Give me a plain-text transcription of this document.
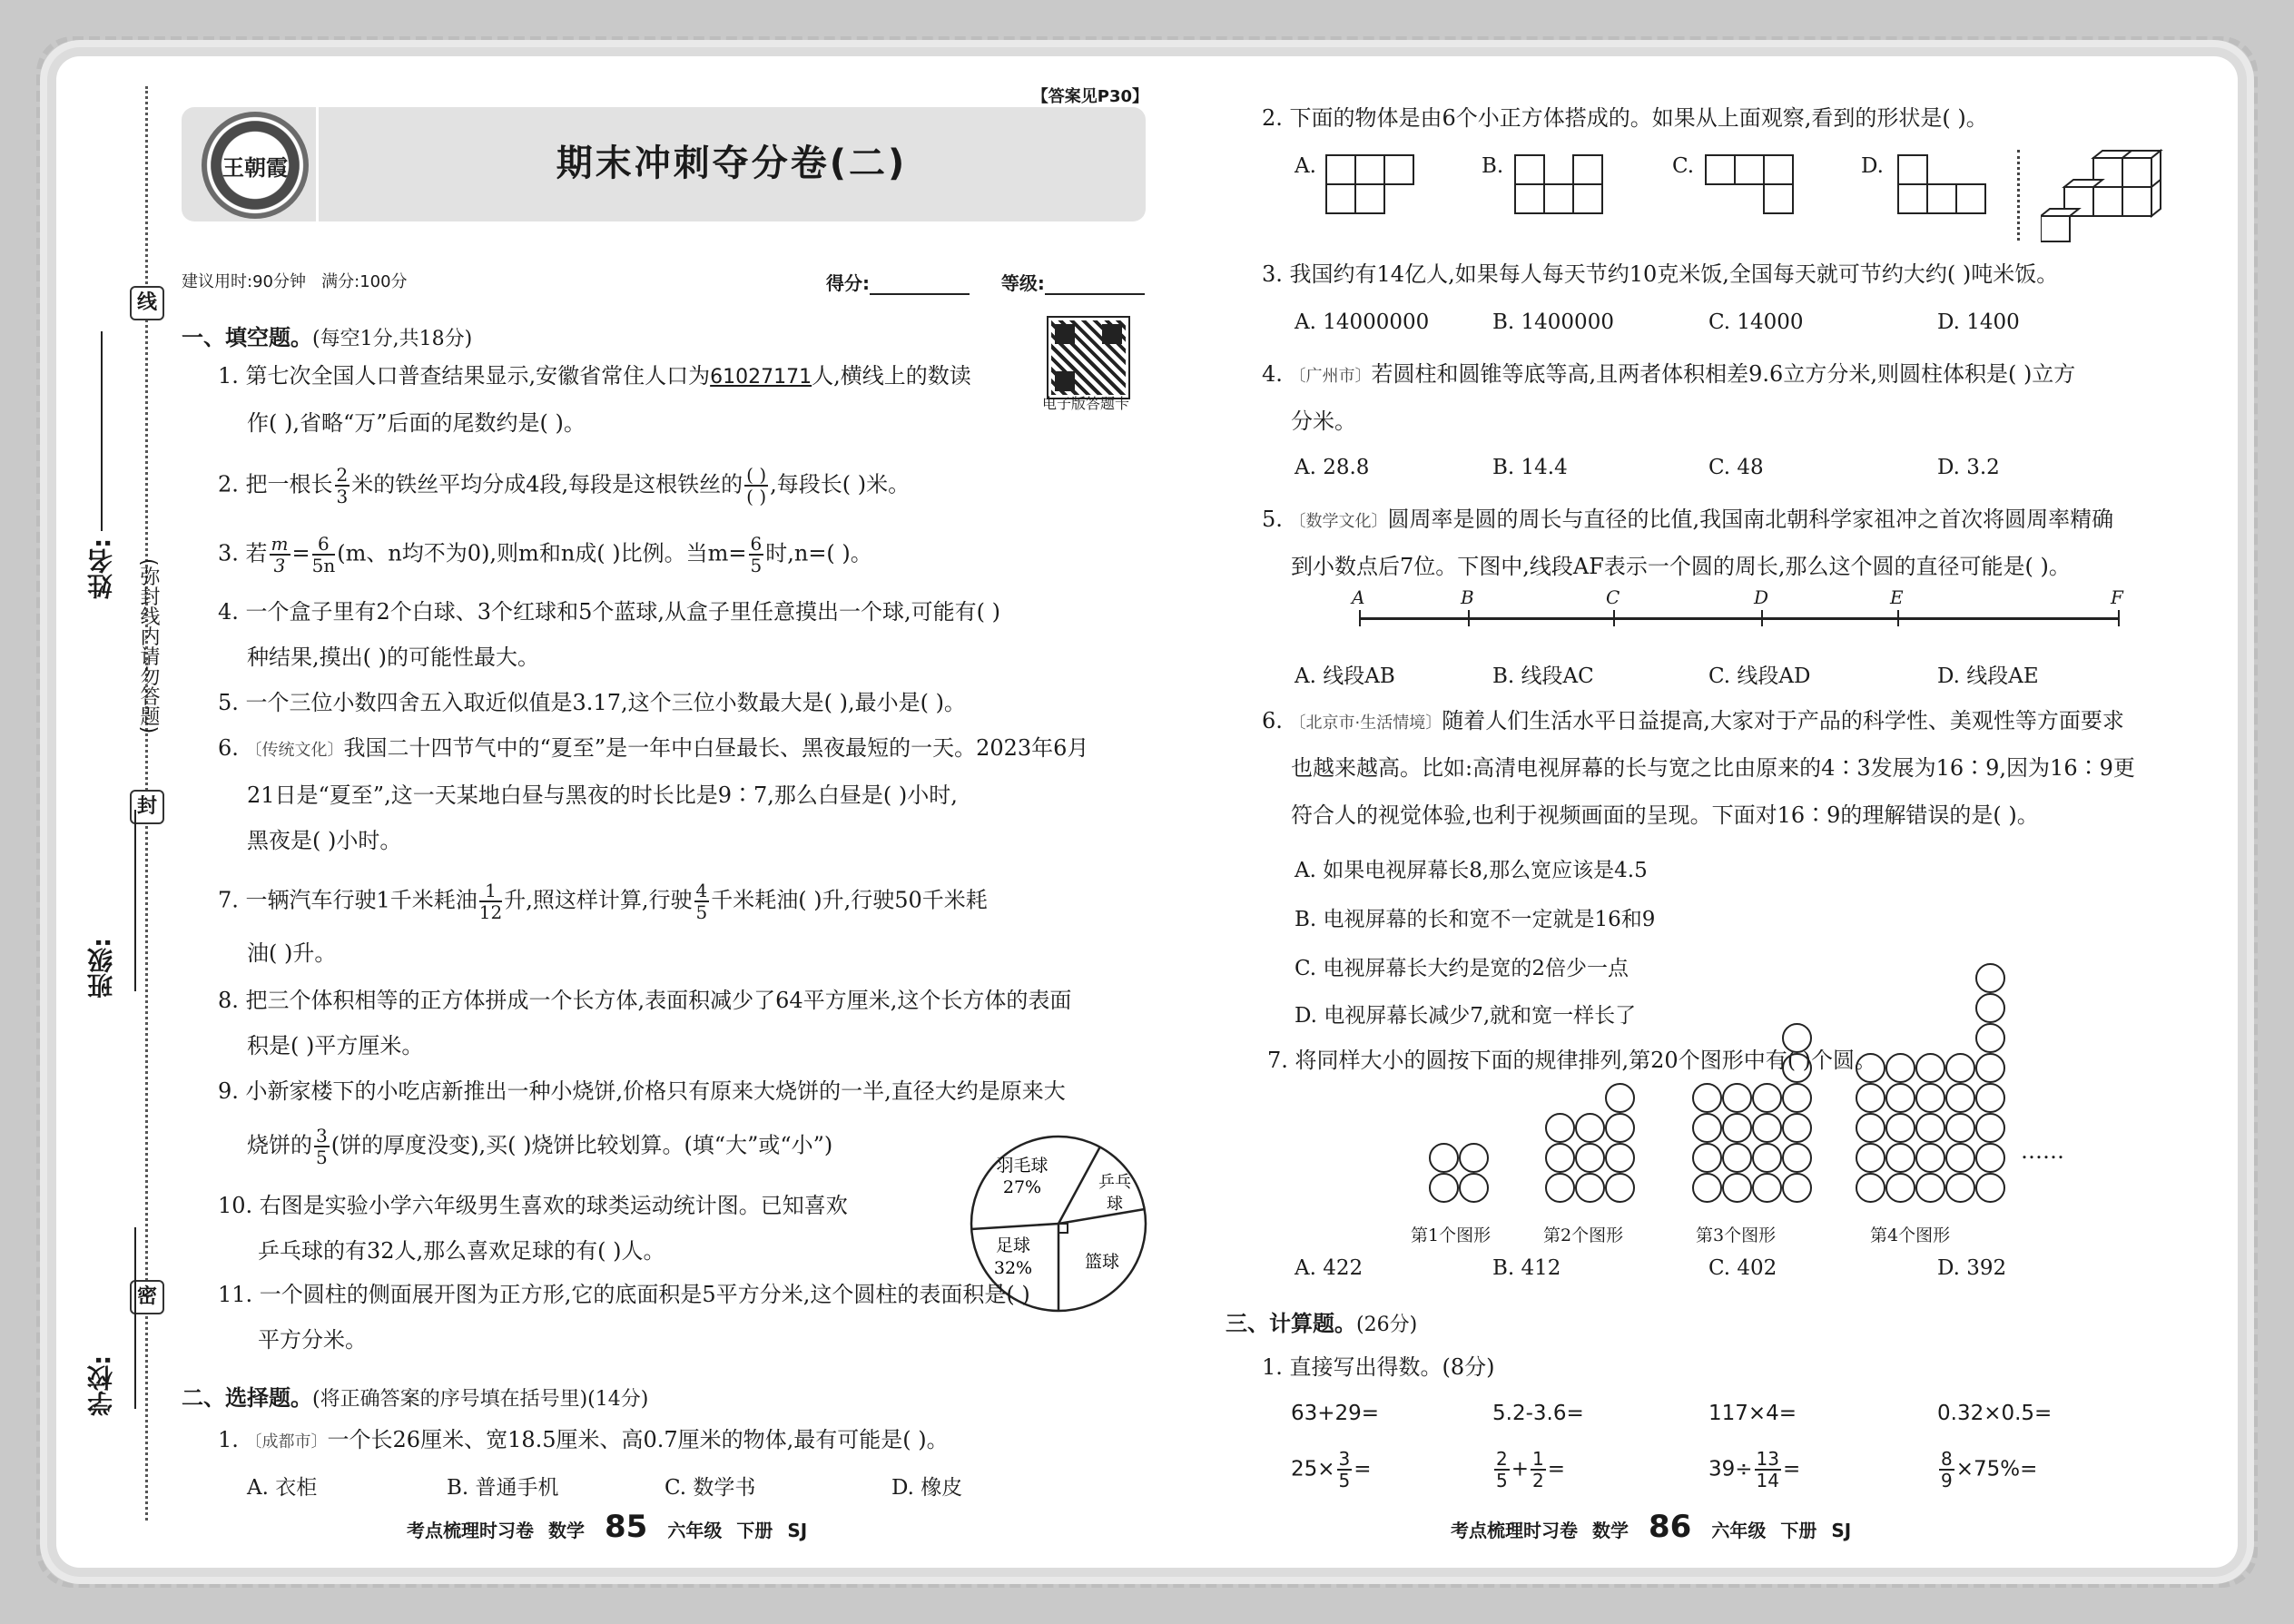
线
封
密
(弥封线内请勿答题)
姓名:
班级:
学校:
【答案见P30】
王朝霞	期末冲刺夺分卷(二)
建议用时:90分钟 满分:100分	得分:	等级:
电子版答题卡
一、填空题。(每空1分,共18分)
1. 第七次全国人口普查结果显示,安徽省常住人口为61027171人,横线上的数读
作( ),省略“万”后面的尾数约是( )。
2. 把一根长 $\frac{2}{3}$ 米的铁丝平均分成4段,每段是这根铁丝的 $\frac{( )}{( )}$ ,每段长( )米。
3. 若 $\frac{m}{3} = \frac{6}{5n} (m$、n均不为0),则m和n成( )比例。当$m= \frac{6}{5}$ 时,n=( )。
4. 一个盒子里有2个白球、3个红球和5个蓝球,从盒子里任意摸出一个球,可能有( )
种结果,摸出( )的可能性最大。
5. 一个三位小数四舍五入取近似值是3.17,这个三位小数最大是( ),最小是( )。
6. 〔传统文化〕我国二十四节气中的“夏至”是一年中白昼最长、黑夜最短的一天。2023年6月
21日是“夏至”,这一天某地白昼与黑夜的时长比是9∶7,那么白昼是( )小时,
黑夜是( )小时。
7. 一辆汽车行驶1千米耗油 $\frac{1}{12}$ 升,照这样计算,行驶 $\frac{4}{5}$ 千米耗油( )升,行驶50千米耗
油( )升。
8. 把三个体积相等的正方体拼成一个长方体,表面积减少了64平方厘米,这个长方体的表面
积是( )平方厘米。
9. 小新家楼下的小吃店新推出一种小烧饼,价格只有原来大烧饼的一半,直径大约是原来大
烧饼的 $\frac{3}{5}$ (饼的厚度没变),买( )烧饼比较划算。(填“大”或“小”)
10. 右图是实验小学六年级男生喜欢的球类运动统计图。已知喜欢
乒乓球的有32人,那么喜欢足球的有( )人。
羽毛球
27%	乒乓
球
足球
32%	篮球
11. 一个圆柱的侧面展开图为正方形,它的底面积是5平方分米,这个圆柱的表面积是( )
平方分米。
二、选择题。(将正确答案的序号填在括号里)(14分)
1. 〔成都市〕一个长26厘米、宽18.5厘米、高0.7厘米的物体,最有可能是( )。
A. 衣柜	B. 普通手机	C. 数学书	D. 橡皮
考点梳理时习卷 数学 85 六年级 下册 SJ
2. 下面的物体是由6个小正方体搭成的。如果从上面观察,看到的形状是( )。
A.	B.	C.	D.
3. 我国约有14亿人,如果每人每天节约10克米饭,全国每天就可节约大约( )吨米饭。
A. 14000000	B. 1400000	C. 14000	D. 1400
4. 〔广州市〕若圆柱和圆锥等底等高,且两者体积相差9.6立方分米,则圆柱体积是( )立方
分米。
A. 28.8	B. 14.4	C. 48	D. 3.2
5. 〔数学文化〕圆周率是圆的周长与直径的比值,我国南北朝科学家祖冲之首次将圆周率精确
到小数点后7位。下图中,线段AF表示一个圆的周长,那么这个圆的直径可能是( )。
A	B	C	D	E	F
A. 线段AB	B. 线段AC	C. 线段AD	D. 线段AE
6. 〔北京市·生活情境〕随着人们生活水平日益提高,大家对于产品的科学性、美观性等方面要求
也越来越高。比如:高清电视屏幕的长与宽之比由原来的4∶3发展为16∶9,因为16∶9更
符合人的视觉体验,也利于视频画面的呈现。下面对16∶9的理解错误的是( )。
A. 如果电视屏幕长8,那么宽应该是4.5
B. 电视屏幕的长和宽不一定就是16和9
C. 电视屏幕长大约是宽的2倍少一点
D. 电视屏幕长减少7,就和宽一样长了
7. 将同样大小的圆按下面的规律排列,第20个图形中有( )个圆。
第1个图形	第2个图形	第3个图形	第4个图形
……
A. 422	B. 412	C. 402	D. 392
三、计算题。(26分)
1. 直接写出得数。(8分)
63+29=	5.2-3.6=	117×4=	0.32×0.5=
$25\times \frac{3}{5}$ =	$\frac{2}{5} + \frac{1}{2}$ =	$39\div \frac{13}{14}$ =	$\frac{8}{9} \times 75\%=$
考点梳理时习卷 数学 86 六年级 下册 SJ
